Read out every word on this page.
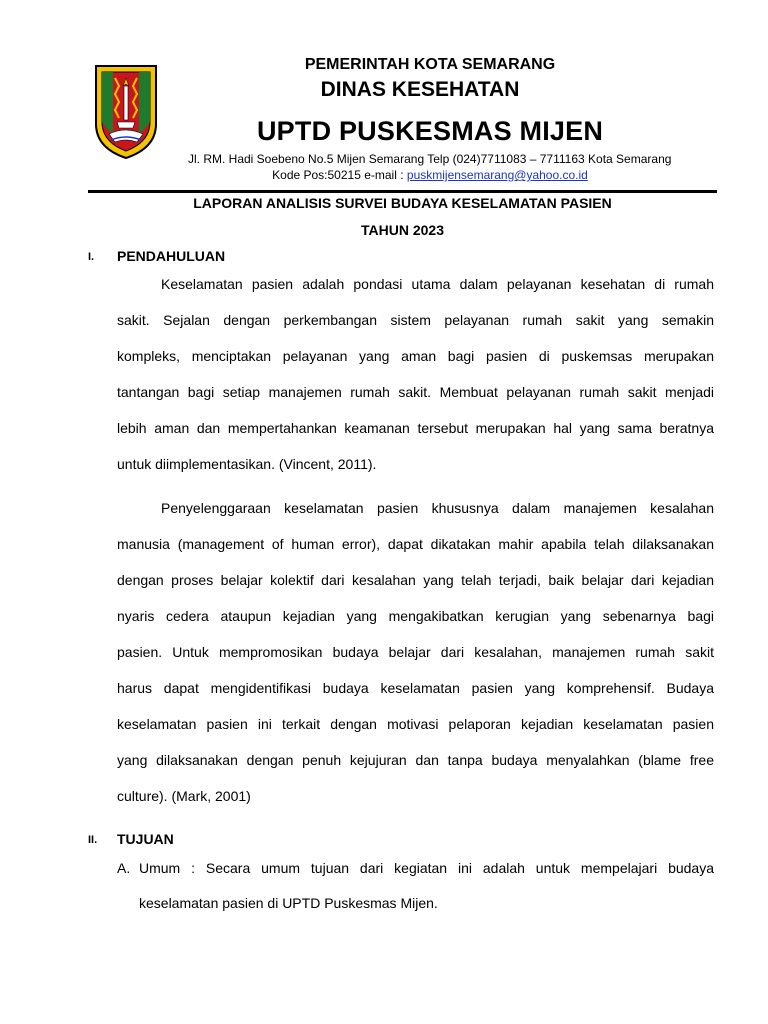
PEMERINTAH KOTA SEMARANG
DINAS KESEHATAN
UPTD PUSKESMAS MIJEN
Jl. RM. Hadi Soebeno No.5 Mijen Semarang Telp (024)7711083 – 7711163 Kota Semarang
Kode Pos:50215 e-mail : puskmijensemarang@yahoo.co.id
LAPORAN ANALISIS SURVEI BUDAYA KESELAMATAN PASIEN
TAHUN 2023
I. PENDAHULUAN
Keselamatan pasien adalah pondasi utama dalam pelayanan kesehatan di rumah
sakit. Sejalan dengan perkembangan sistem pelayanan rumah sakit yang semakin
kompleks, menciptakan pelayanan yang aman bagi pasien di puskemsas merupakan
tantangan bagi setiap manajemen rumah sakit. Membuat pelayanan rumah sakit menjadi
lebih aman dan mempertahankan keamanan tersebut merupakan hal yang sama beratnya
untuk diimplementasikan. (Vincent, 2011).
Penyelenggaraan keselamatan pasien khususnya dalam manajemen kesalahan
manusia (management of human error), dapat dikatakan mahir apabila telah dilaksanakan
dengan proses belajar kolektif dari kesalahan yang telah terjadi, baik belajar dari kejadian
nyaris cedera ataupun kejadian yang mengakibatkan kerugian yang sebenarnya bagi
pasien. Untuk mempromosikan budaya belajar dari kesalahan, manajemen rumah sakit
harus dapat mengidentifikasi budaya keselamatan pasien yang komprehensif. Budaya
keselamatan pasien ini terkait dengan motivasi pelaporan kejadian keselamatan pasien
yang dilaksanakan dengan penuh kejujuran dan tanpa budaya menyalahkan (blame free
culture). (Mark, 2001)
II. TUJUAN
A. Umum : Secara umum tujuan dari kegiatan ini adalah untuk mempelajari budaya
keselamatan pasien di UPTD Puskesmas Mijen.
